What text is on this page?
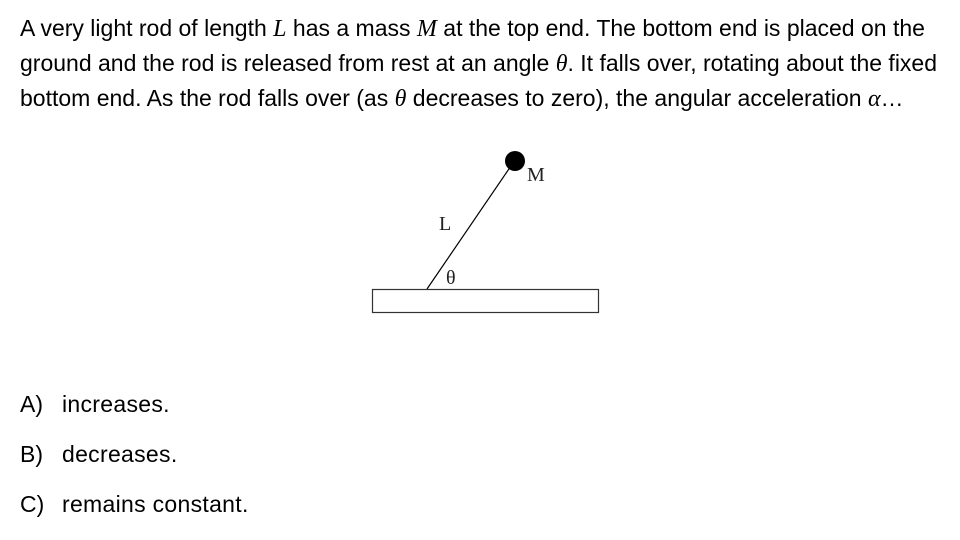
A very light rod of length L has a mass M at the top end. The bottom end is placed on the ground and the rod is released from rest at an angle θ. It falls over, rotating about the fixed bottom end. As the rod falls over (as θ decreases to zero), the angular acceleration α…
M
L
θ
A) increases.
B) decreases.
C) remains constant.
